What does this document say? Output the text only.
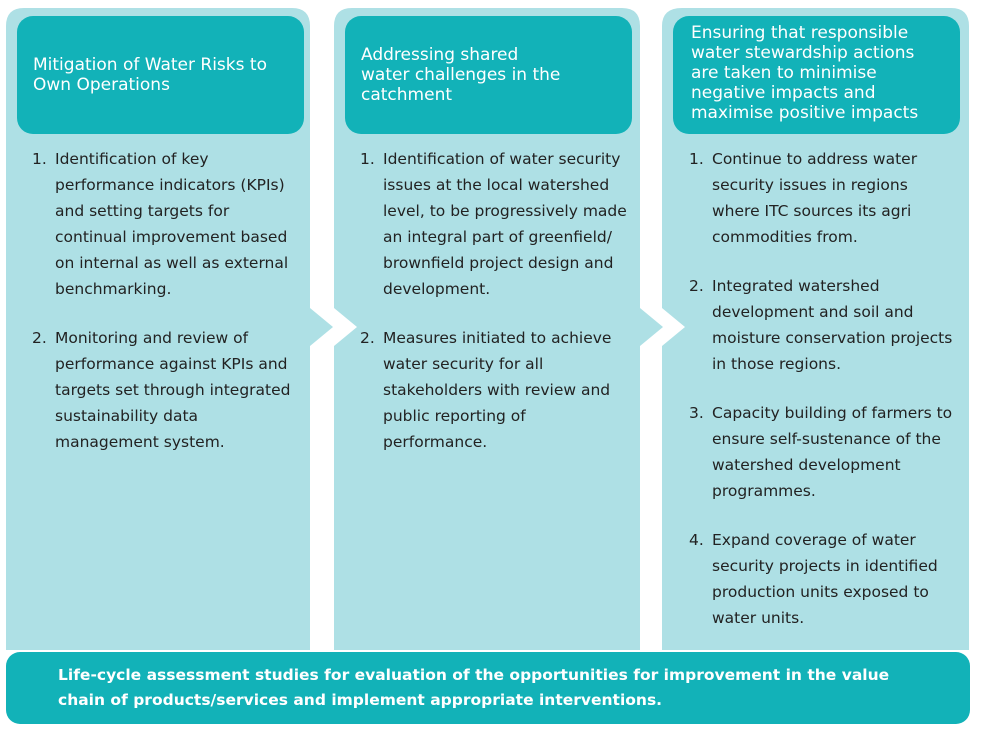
Mitigation of Water Risks to
Own Operations
Addressing shared
water challenges in the
catchment
Ensuring that responsible
water stewardship actions
are taken to minimise
negative impacts and
maximise positive impacts
1. Identification of key performance indicators (KPIs) and setting targets for continual improvement based on internal as well as external benchmarking.
2. Monitoring and review of performance against KPIs and targets set through integrated sustainability data management system.
1. Identification of water security issues at the local watershed level, to be progressively made an integral part of greenfield/ brownfield project design and development.
2. Measures initiated to achieve water security for all stakeholders with review and public reporting of performance.
1. Continue to address water security issues in regions where ITC sources its agri commodities from.
2. Integrated watershed development and soil and moisture conservation projects in those regions.
3. Capacity building of farmers to ensure self-sustenance of the watershed development programmes.
4. Expand coverage of water security projects in identified production units exposed to water units.
Life-cycle assessment studies for evaluation of the opportunities for improvement in the value chain of products/services and implement appropriate interventions.
